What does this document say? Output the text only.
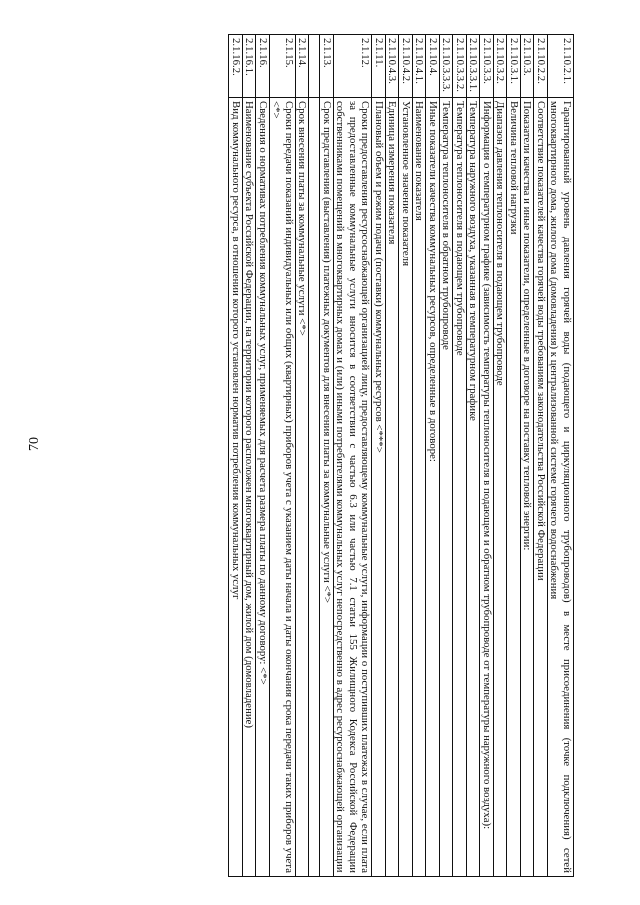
70
2.1.10.2.1.	Гарантированный уровень давления горячей воды (подающего и циркуляционного трубопроводов) в месте присоединения (точке подключения) сетей многоквартирного дома, жилого дома (домовладения) к централизованной системе горячего водоснабжения
2.1.10.2.2.	Соответствие показателей качества горячей воды требованиям законодательства Российской Федерации
2.1.10.3.	Показатели качества и иные показатели, определенные в договоре на поставку тепловой энергии:
2.1.10.3.1.	Величина тепловой нагрузки
2.1.10.3.2.	Диапазон давления теплоносителя в подающем трубопроводе
2.1.10.3.3.	Информация о температурном графике (зависимость температуры теплоносителя в подающем и обратном трубопроводе от температуры наружного воздуха):
2.1.10.3.3.1.	Температура наружного воздуха, указанная в температурном графике
2.1.10.3.3.2.	Температура теплоносителя в подающем трубопроводе
2.1.10.3.3.3.	Температура теплоносителя в обратном трубопроводе
2.1.10.4.	Иные показатели качества коммунальных ресурсов, определенные в договоре:
2.1.10.4.1.	Наименование показателя
2.1.10.4.2.	Установленное значение показателя
2.1.10.4.3.	Единица измерения показателя
2.1.11.	Плановый объем и режим подачи (поставки) коммунальных ресурсов <***>
2.1.12.	Сроки предоставления ресурсоснабжающей организацией лицу, предоставляющему коммунальные услуги, информации о поступивших платежах в случае, если плата за предоставленные коммунальные услуги вносится в соответствии с частью 6.3 или частью 7.1 статьи 155 Жилищного Кодекса Российской Федерации собственниками помещений в многоквартирных домах и (или) иными потребителями коммунальных услуг непосредственно в адрес ресурсоснабжающей организации
2.1.13.	Срок представления (выставления) платежных документов для внесения платы за коммунальные услуги <*>

2.1.14.	Срок внесения платы за коммунальные услуги <*>
2.1.15.	Сроки передачи показаний индивидуальных или общих (квартирных) приборов учета с указанием даты начала и даты окончания срока передачи таких приборов учета <*>
2.1.16.	Сведения о нормативах потребления коммунальных услуг, применяемых для расчета размера платы по данному договору: <*>
2.1.16.1.	Наименование субъекта Российской Федерации, на территории которого расположен многоквартирный дом, жилой дом (домовладение)
2.1.16.2.	Вид коммунального ресурса, в отношении которого установлен норматив потребления коммунальных услуг
